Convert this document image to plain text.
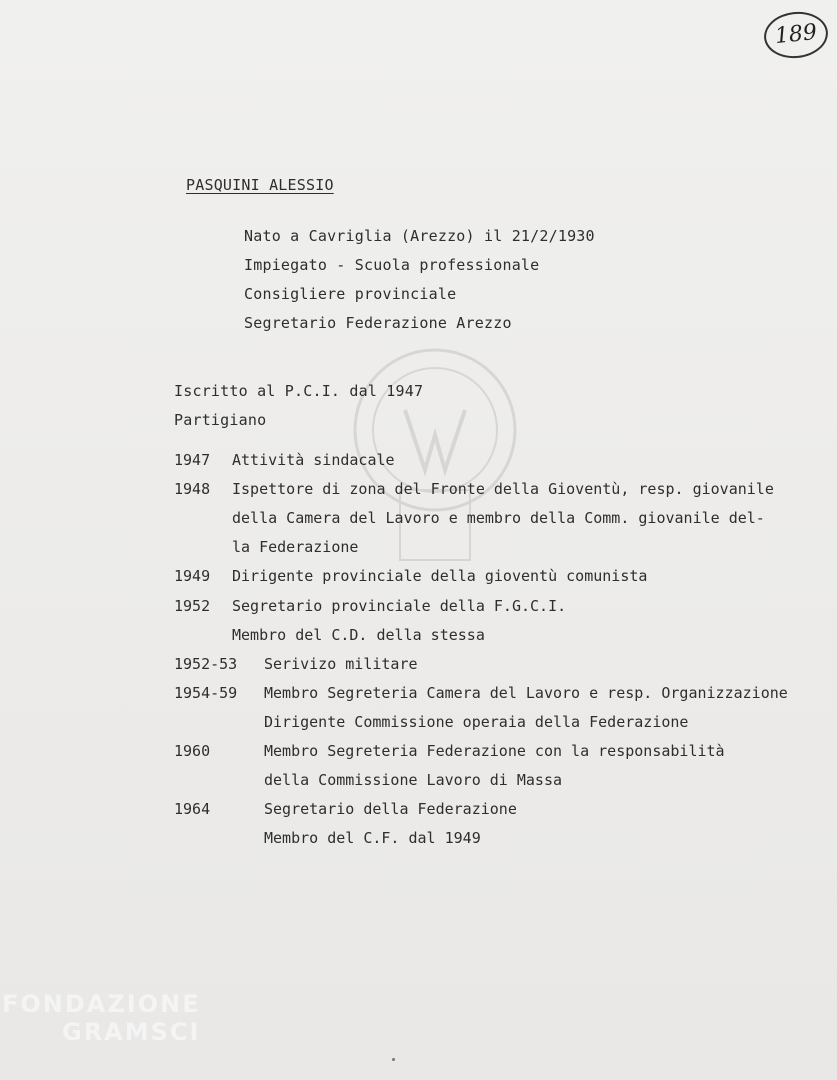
189
PASQUINI ALESSIO
Nato a Cavriglia (Arezzo) il 21/2/1930
Impiegato - Scuola professionale
Consigliere provinciale
Segretario Federazione Arezzo
Iscritto al P.C.I. dal 1947
Partigiano
1947 Attività sindacale
1948 Ispettore di zona del Fronte della Gioventù, resp. giovanile
della Camera del Lavoro e membro della Comm. giovanile del-
la Federazione
1949 Dirigente provinciale della gioventù comunista
1952 Segretario provinciale della F.G.C.I.
Membro del C.D. della stessa
1952-53 Serivizo militare
1954-59 Membro Segreteria Camera del Lavoro e resp. Organizzazione
Dirigente Commissione operaia della Federazione
1960	Membro Segreteria Federazione con la responsabilità
della Commissione Lavoro di Massa
1964	Segretario della Federazione
Membro del C.F. dal 1949
FONDAZIONE
GRAMSCI
